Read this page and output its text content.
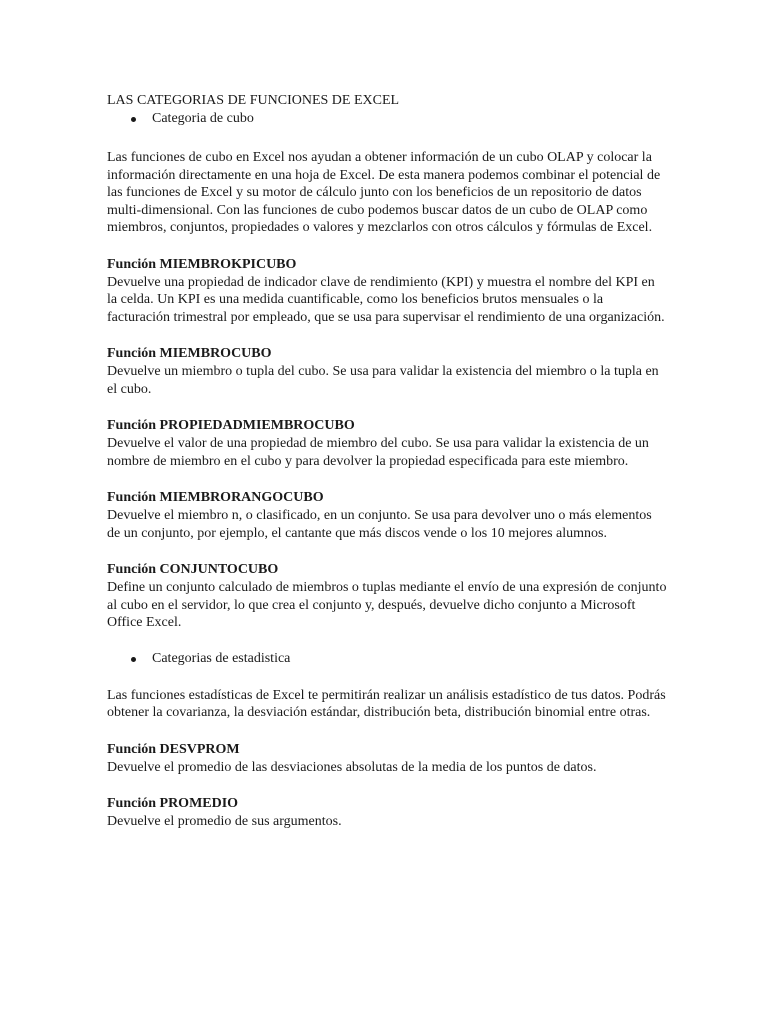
LAS CATEGORIAS DE FUNCIONES DE EXCEL

Categoria de cubo

Las funciones de cubo en Excel nos ayudan a obtener información de un cubo OLAP y colocar la información directamente en una hoja de Excel. De esta manera podemos combinar el potencial de las funciones de Excel y su motor de cálculo junto con los beneficios de un repositorio de datos multi-dimensional. Con las funciones de cubo podemos buscar datos de un cubo de OLAP como miembros, conjuntos, propiedades o valores y mezclarlos con otros cálculos y fórmulas de Excel.

Función MIEMBROKPICUBO

Devuelve una propiedad de indicador clave de rendimiento (KPI) y muestra el nombre del KPI en la celda. Un KPI es una medida cuantificable, como los beneficios brutos mensuales o la facturación trimestral por empleado, que se usa para supervisar el rendimiento de una organización.

Función MIEMBROCUBO

Devuelve un miembro o tupla del cubo. Se usa para validar la existencia del miembro o la tupla en el cubo.

Función PROPIEDADMIEMBROCUBO

Devuelve el valor de una propiedad de miembro del cubo. Se usa para validar la existencia de un nombre de miembro en el cubo y para devolver la propiedad especificada para este miembro.

Función MIEMBRORANGOCUBO

Devuelve el miembro n, o clasificado, en un conjunto. Se usa para devolver uno o más elementos de un conjunto, por ejemplo, el cantante que más discos vende o los 10 mejores alumnos.

Función CONJUNTOCUBO

Define un conjunto calculado de miembros o tuplas mediante el envío de una expresión de conjunto al cubo en el servidor, lo que crea el conjunto y, después, devuelve dicho conjunto a Microsoft Office Excel.

Categorias de estadistica

Las funciones estadísticas de Excel te permitirán realizar un análisis estadístico de tus datos. Podrás obtener la covarianza, la desviación estándar, distribución beta, distribución binomial entre otras.

Función DESVPROM

Devuelve el promedio de las desviaciones absolutas de la media de los puntos de datos.

Función PROMEDIO

Devuelve el promedio de sus argumentos.
